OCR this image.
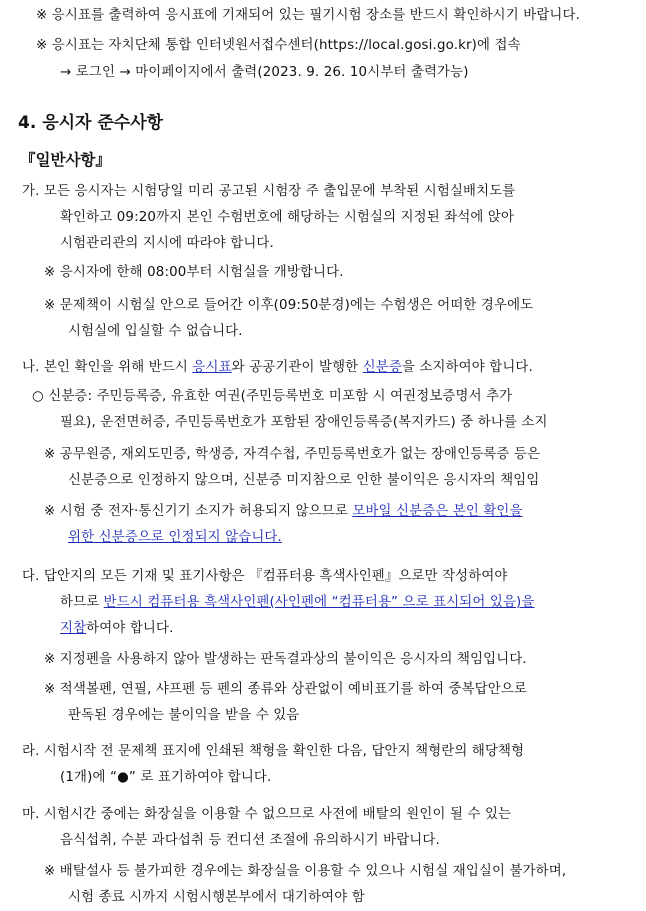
※ 응시표를 출력하여 응시표에 기재되어 있는 필기시험 장소를 반드시 확인하시기 바랍니다.
※ 응시표는 자치단체 통합 인터넷원서접수센터(https://local.gosi.go.kr)에 접속
→ 로그인 → 마이페이지에서 출력(2023. 9. 26. 10시부터 출력가능)
4. 응시자 준수사항
『일반사항』
가. 모든 응시자는 시험당일 미리 공고된 시험장 주 출입문에 부착된 시험실배치도를
확인하고 09:20까지 본인 수험번호에 해당하는 시험실의 지정된 좌석에 앉아
시험관리관의 지시에 따라야 합니다.
※ 응시자에 한해 08:00부터 시험실을 개방합니다.
※ 문제책이 시험실 안으로 들어간 이후(09:50분경)에는 수험생은 어떠한 경우에도
시험실에 입실할 수 없습니다.
나. 본인 확인을 위해 반드시 응시표와 공공기관이 발행한 신분증을 소지하여야 합니다.
○ 신분증: 주민등록증, 유효한 여권(주민등록번호 미포함 시 여권정보증명서 추가
필요), 운전면허증, 주민등록번호가 포함된 장애인등록증(복지카드) 중 하나를 소지
※ 공무원증, 재외도민증, 학생증, 자격수첩, 주민등록번호가 없는 장애인등록증 등은
신분증으로 인정하지 않으며, 신분증 미지참으로 인한 불이익은 응시자의 책임임
※ 시험 중 전자·통신기기 소지가 허용되지 않으므로 모바일 신분증은 본인 확인을
위한 신분증으로 인정되지 않습니다.
다. 답안지의 모든 기재 및 표기사항은 『컴퓨터용 흑색사인펜』으로만 작성하여야
하므로 반드시 컴퓨터용 흑색사인펜(사인펜에 “컴퓨터용” 으로 표시되어 있음)을
지참하여야 합니다.
※ 지정펜을 사용하지 않아 발생하는 판독결과상의 불이익은 응시자의 책임입니다.
※ 적색볼펜, 연필, 샤프펜 등 펜의 종류와 상관없이 예비표기를 하여 중복답안으로
판독된 경우에는 불이익을 받을 수 있음
라. 시험시작 전 문제책 표지에 인쇄된 책형을 확인한 다음, 답안지 책형란의 해당책형
(1개)에 “●” 로 표기하여야 합니다.
마. 시험시간 중에는 화장실을 이용할 수 없으므로 사전에 배탈의 원인이 될 수 있는
음식섭취, 수분 과다섭취 등 컨디션 조절에 유의하시기 바랍니다.
※ 배탈설사 등 불가피한 경우에는 화장실을 이용할 수 있으나 시험실 재입실이 불가하며,
시험 종료 시까지 시험시행본부에서 대기하여야 함
